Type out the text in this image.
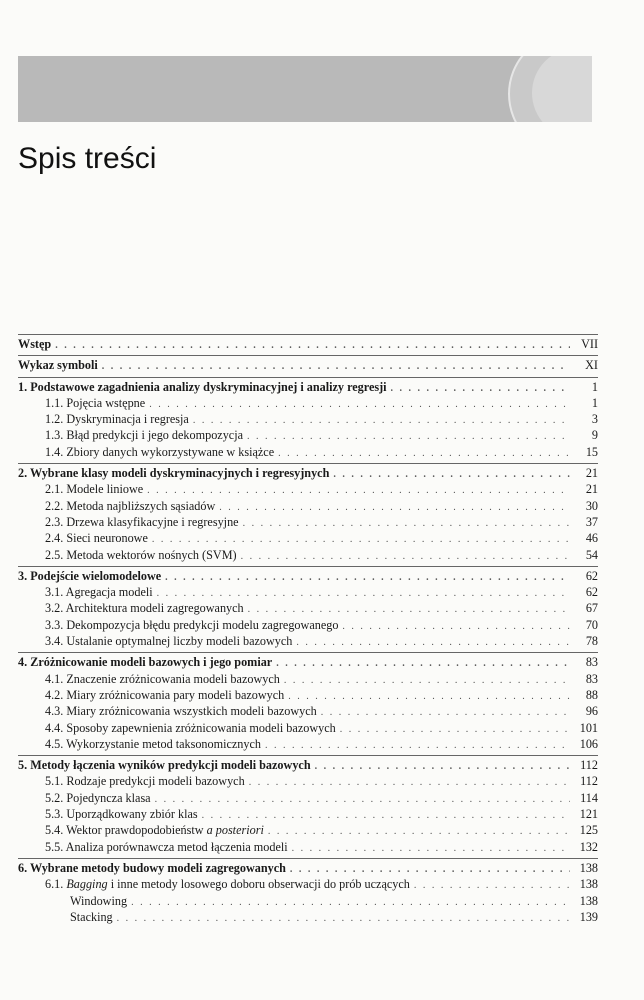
Spis treści
Wstęp . . .	VII
Wykaz symboli . . .	XI
1. Podstawowe zagadnienia analizy dyskryminacyjnej i analizy regresji . . .	1
1.1. Pojęcia wstępne . . .	1
1.2. Dyskryminacja i regresja . . .	3
1.3. Błąd predykcji i jego dekompozycja . . .	9
1.4. Zbiory danych wykorzystywane w książce . . .	15
2. Wybrane klasy modeli dyskryminacyjnych i regresyjnych . . .	21
2.1. Modele liniowe . . .	21
2.2. Metoda najbliższych sąsiadów . . .	30
2.3. Drzewa klasyfikacyjne i regresyjne . . .	37
2.4. Sieci neuronowe . . .	46
2.5. Metoda wektorów nośnych (SVM) . . .	54
3. Podejście wielomodelowe . . .	62
3.1. Agregacja modeli . . .	62
3.2. Architektura modeli zagregowanych . . .	67
3.3. Dekompozycja błędu predykcji modelu zagregowanego . . .	70
3.4. Ustalanie optymalnej liczby modeli bazowych . . .	78
4. Zróżnicowanie modeli bazowych i jego pomiar . . .	83
4.1. Znaczenie zróżnicowania modeli bazowych . . .	83
4.2. Miary zróżnicowania pary modeli bazowych . . .	88
4.3. Miary zróżnicowania wszystkich modeli bazowych . . .	96
4.4. Sposoby zapewnienia zróżnicowania modeli bazowych . . .	101
4.5. Wykorzystanie metod taksonomicznych . . .	106
5. Metody łączenia wyników predykcji modeli bazowych . . .	112
5.1. Rodzaje predykcji modeli bazowych . . .	112
5.2. Pojedyncza klasa . . .	114
5.3. Uporządkowany zbiór klas . . .	121
5.4. Wektor prawdopodobieństw a posteriori . . .	125
5.5. Analiza porównawcza metod łączenia modeli . . .	132
6. Wybrane metody budowy modeli zagregowanych . . .	138
6.1. Bagging i inne metody losowego doboru obserwacji do prób uczących . . .	138
Windowing . . .	138
Stacking . . .	139
